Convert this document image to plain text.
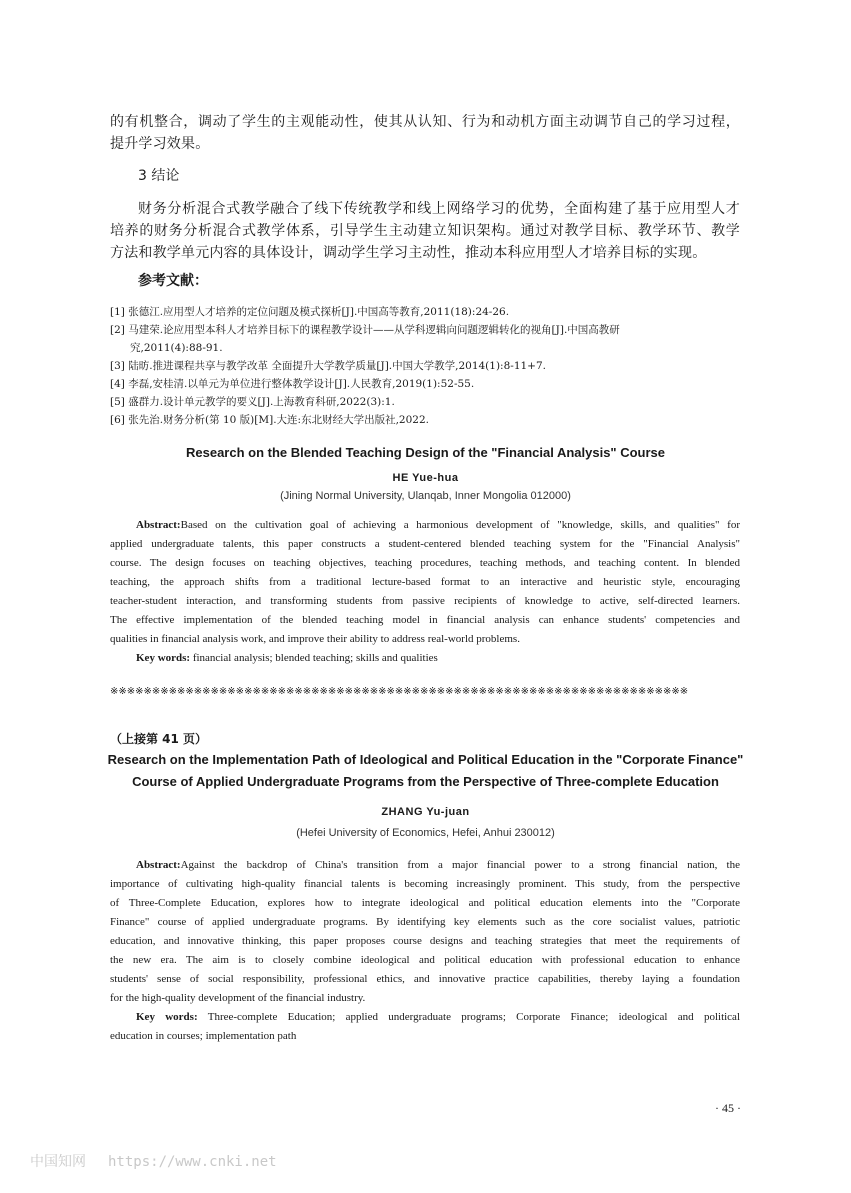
的有机整合，调动了学生的主观能动性，使其从认知、行为和动机方面主动调节自己的学习过程，
提升学习效果。
3 结论
财务分析混合式教学融合了线下传统教学和线上网络学习的优势，全面构建了基于应用型人才
培养的财务分析混合式教学体系，引导学生主动建立知识架构。通过对教学目标、教学环节、教学
方法和教学单元内容的具体设计，调动学生学习主动性，推动本科应用型人才培养目标的实现。
参考文献：
[1] 张德江.应用型人才培养的定位问题及模式探析[J].中国高等教育,2011(18):24-26.
[2] 马建荣.论应用型本科人才培养目标下的课程教学设计——从学科逻辑向问题逻辑转化的视角[J].中国高教研
究,2011(4):88-91.
[3] 陆昉.推进课程共享与教学改革 全面提升大学教学质量[J].中国大学教学,2014(1):8-11+7.
[4] 李磊,安桂清.以单元为单位进行整体教学设计[J].人民教育,2019(1):52-55.
[5] 盛群力.设计单元教学的要义[J].上海教育科研,2022(3):1.
[6] 张先治.财务分析(第 10 版)[M].大连:东北财经大学出版社,2022.
Research on the Blended Teaching Design of the "Financial Analysis" Course
HE Yue-hua
(Jining Normal University, Ulanqab, Inner Mongolia 012000)
Abstract:Based on the cultivation goal of achieving a harmonious development of "knowledge, skills, and qualities" for
applied undergraduate talents, this paper constructs a student-centered blended teaching system for the "Financial Analysis"
course. The design focuses on teaching objectives, teaching procedures, teaching methods, and teaching content. In blended
teaching, the approach shifts from a traditional lecture-based format to an interactive and heuristic style, encouraging
teacher-student interaction, and transforming students from passive recipients of knowledge to active, self-directed learners.
The effective implementation of the blended teaching model in financial analysis can enhance students' competencies and
qualities in financial analysis work, and improve their ability to address real-world problems.
Key words: financial analysis; blended teaching; skills and qualities
※※※※※※※※※※※※※※※※※※※※※※※※※※※※※※※※※※※※※※※※※※※※※※※※※※※※※※※※※※※※※※※※※※※※※
（上接第 41 页）
Research on the Implementation Path of Ideological and Political Education in the "Corporate Finance"
Course of Applied Undergraduate Programs from the Perspective of Three-complete Education
ZHANG Yu-juan
(Hefei University of Economics, Hefei, Anhui 230012)
Abstract:Against the backdrop of China's transition from a major financial power to a strong financial nation, the
importance of cultivating high-quality financial talents is becoming increasingly prominent. This study, from the perspective
of Three-Complete Education, explores how to integrate ideological and political education elements into the "Corporate
Finance" course of applied undergraduate programs. By identifying key elements such as the core socialist values, patriotic
education, and innovative thinking, this paper proposes course designs and teaching strategies that meet the requirements of
the new era. The aim is to closely combine ideological and political education with professional education to enhance
students' sense of social responsibility, professional ethics, and innovative practice capabilities, thereby laying a foundation
for the high-quality development of the financial industry.
Key words: Three-complete Education; applied undergraduate programs; Corporate Finance; ideological and political
education in courses; implementation path
· 45 ·
中国知网 https://www.cnki.net
